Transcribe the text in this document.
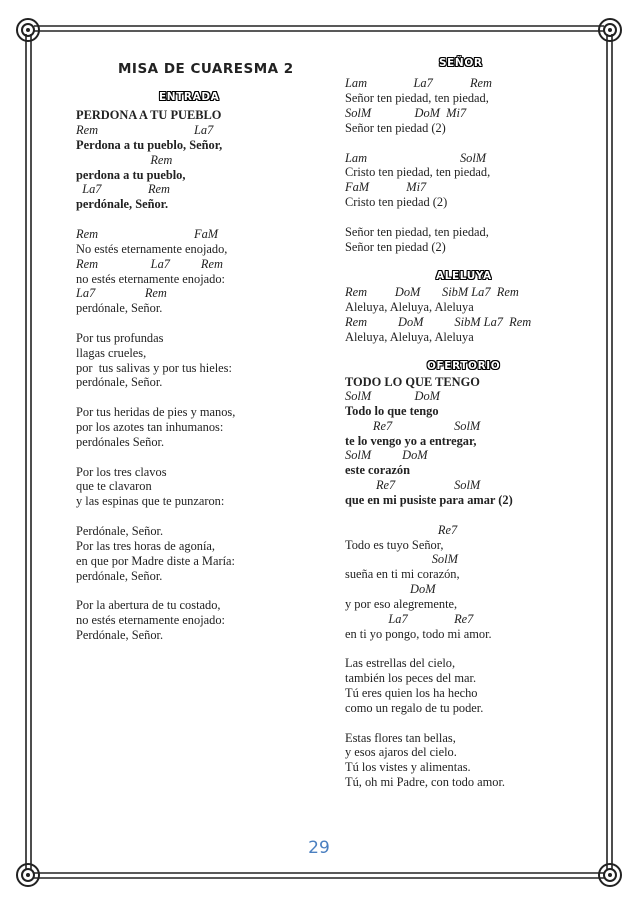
MISA DE CUARESMA 2
ENTRADA
PERDONA A TU PUEBLO
Rem                               La7
Perdona a tu pueblo, Señor,
Rem
perdona a tu pueblo,
La7               Rem
perdónale, Señor.
Rem                               FaM
No estés eternamente enojado,
Rem                 La7          Rem
no estés eternamente enojado:
La7                Rem
perdónale, Señor.
Por tus profundas
llagas crueles,
por  tus salivas y por tus hieles:
perdónale, Señor.
Por tus heridas de pies y manos,
por los azotes tan inhumanos:
perdónales Señor.
Por los tres clavos
que te clavaron
y las espinas que te punzaron:
Perdónale, Señor.
Por las tres horas de agonía,
en que por Madre diste a María:
perdónale, Señor.
Por la abertura de tu costado,
no estés eternamente enojado:
Perdónale, Señor.
SEÑOR
Lam               La7            Rem
Señor ten piedad, ten piedad,
SolM              DoM  Mi7
Señor ten piedad (2)
Lam                              SolM
Cristo ten piedad, ten piedad,
FaM            Mi7
Cristo ten piedad (2)
Señor ten piedad, ten piedad,
Señor ten piedad (2)
ALELUYA
Rem         DoM       SibM La7  Rem
Aleluya, Aleluya, Aleluya
Rem          DoM          SibM La7  Rem
Aleluya, Aleluya, Aleluya
OFERTORIO
TODO LO QUE TENGO
SolM              DoM
Todo lo que tengo
Re7                    SolM
te lo vengo yo a entregar,
SolM          DoM
este corazón
Re7                   SolM
que en mi pusiste para amar (2)
Re7
Todo es tuyo Señor,
SolM
sueña en ti mi corazón,
DoM
y por eso alegremente,
La7               Re7
en ti yo pongo, todo mi amor.
Las estrellas del cielo,
también los peces del mar.
Tú eres quien los ha hecho
como un regalo de tu poder.
Estas flores tan bellas,
y esos ajaros del cielo.
Tú los vistes y alimentas.
Tú, oh mi Padre, con todo amor.
29
